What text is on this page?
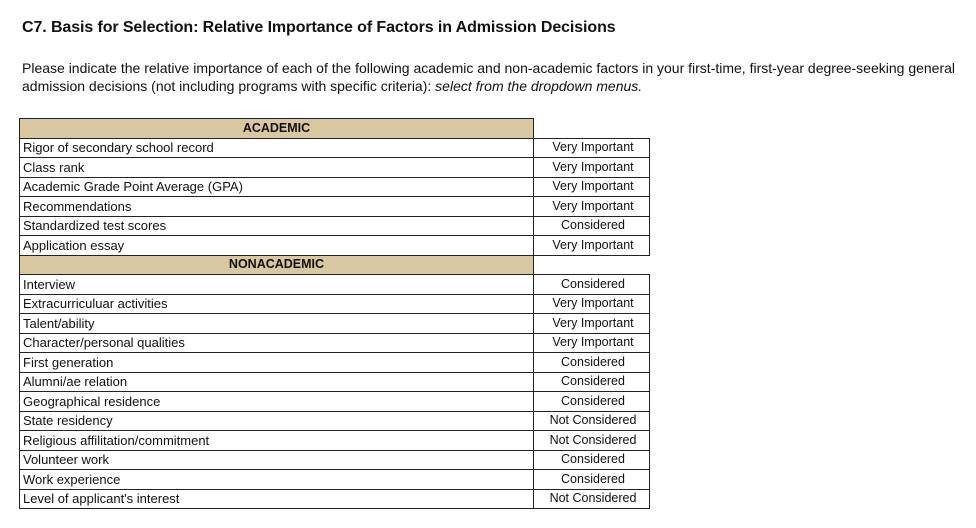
C7. Basis for Selection: Relative Importance of Factors in Admission Decisions
Please indicate the relative importance of each of the following academic and non-academic factors in your first-time, first-year degree-seeking general admission decisions (not including programs with specific criteria): select from the dropdown menus.
ACADEMIC	
Rigor of secondary school record	Very Important
Class rank	Very Important
Academic Grade Point Average (GPA)	Very Important
Recommendations	Very Important
Standardized test scores	Considered
Application essay	Very Important
NONACADEMIC	
Interview	Considered
Extracurriculuar activities	Very Important
Talent/ability	Very Important
Character/personal qualities	Very Important
First generation	Considered
Alumni/ae relation	Considered
Geographical residence	Considered
State residency	Not Considered
Religious affilitation/commitment	Not Considered
Volunteer work	Considered
Work experience	Considered
Level of applicant's interest	Not Considered
